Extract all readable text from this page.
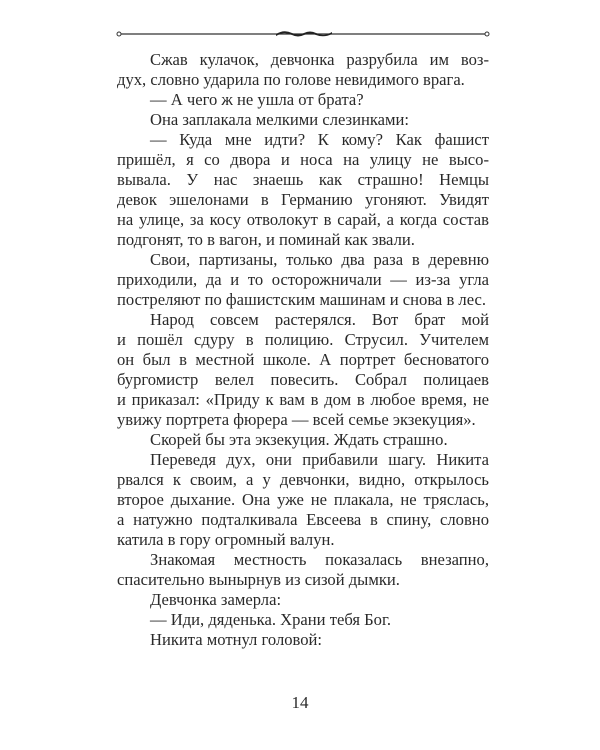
Сжав кулачок, девчонка разрубила им воз-
дух, словно ударила по голове невидимого врага.
— А чего ж не ушла от брата?
Она заплакала мелкими слезинками:
— Куда мне идти? К кому? Как фашист
пришёл, я со двора и носа на улицу не высо-
вывала. У нас знаешь как страшно! Немцы
девок эшелонами в Германию угоняют. Увидят
на улице, за косу отволокут в сарай, а когда состав
подгонят, то в вагон, и поминай как звали.
Свои, партизаны, только два раза в деревню
приходили, да и то осторожничали — из-за угла
постреляют по фашистским машинам и снова в лес.
Народ совсем растерялся. Вот брат мой
и пошёл сдуру в полицию. Струсил. Учителем
он был в местной школе. А портрет бесноватого
бургомистр велел повесить. Собрал полицаев
и приказал: «Приду к вам в дом в любое время, не
увижу портрета фюрера — всей семье экзекуция».
Скорей бы эта экзекуция. Ждать страшно.
Переведя дух, они прибавили шагу. Никита
рвался к своим, а у девчонки, видно, открылось
второе дыхание. Она уже не плакала, не тряслась,
а натужно подталкивала Евсеева в спину, словно
катила в гору огромный валун.
Знакомая местность показалась внезапно,
спасительно вынырнув из сизой дымки.
Девчонка замерла:
— Иди, дяденька. Храни тебя Бог.
Никита мотнул головой:
14
